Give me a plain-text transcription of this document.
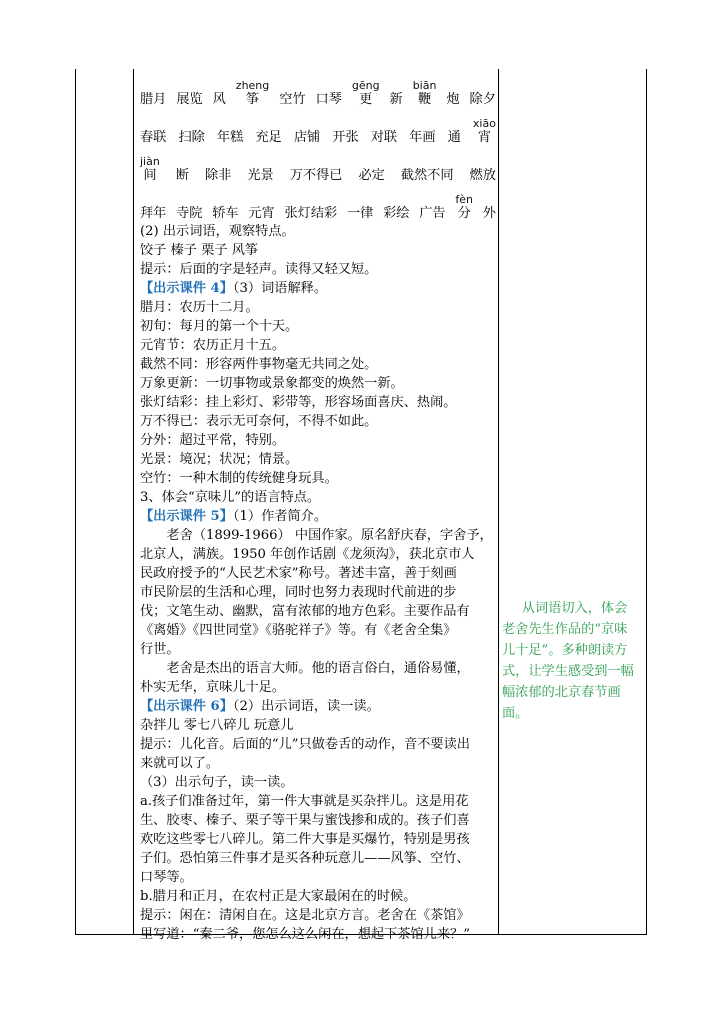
腊月 展览 风
zheng
筝 空竹 口琴
gēng
更 新
biān
鞭 炮 除夕
春联 扫除 年糕 充足 店铺 开张 对联 年画 通
xiāo
宵
jiàn
间 断 除非 光景 万不得已 必定 截然不同 燃放
拜年 寺院 轿车 元宵 张灯结彩 一律 彩绘 广告
fèn
分 外

(2) 出示词语，观察特点。

饺子 榛子 栗子 风筝

提示：后面的字是轻声。读得又轻又短。

【出示课件 4】（3）词语解释。

腊月：农历十二月。

初旬：每月的第一个十天。

元宵节：农历正月十五。

截然不同：形容两件事物毫无共同之处。

万象更新：一切事物或景象都变的焕然一新。

张灯结彩：挂上彩灯、彩带等，形容场面喜庆、热闹。

万不得已：表示无可奈何，不得不如此。

分外：超过平常，特别。

光景：境况；状况；情景。

空竹：一种木制的传统健身玩具。

3、体会“京味儿”的语言特点。

【出示课件 5】（1）作者简介。

老舍（1899-1966） 中国作家。原名舒庆春，字舍予，

北京人，满族。1950 年创作话剧《龙须沟》，获北京市人

民政府授予的“人民艺术家”称号。著述丰富，善于刻画

市民阶层的生活和心理，同时也努力表现时代前进的步

伐；文笔生动、幽默，富有浓郁的地方色彩。主要作品有

《离婚》《四世同堂》《骆驼祥子》等。有《老舍全集》

行世。

老舍是杰出的语言大师。他的语言俗白，通俗易懂，

朴实无华，京味儿十足。

【出示课件 6】（2）出示词语，读一读。

杂拌儿 零七八碎儿 玩意儿

提示：儿化音。后面的“儿”只做卷舌的动作，音不要读出

来就可以了。

（3）出示句子，读一读。

a.孩子们准备过年，第一件大事就是买杂拌儿。这是用花

生、胶枣、榛子、栗子等干果与蜜饯掺和成的。孩子们喜

欢吃这些零七八碎儿。第二件大事是买爆竹，特别是男孩

子们。恐怕第三件事才是买各种玩意儿——风筝、空竹、

口琴等。

b.腊月和正月，在农村正是大家最闲在的时候。

提示：闲在：清闲自在。这是北京方言。老舍在《茶馆》

里写道：“秦二爷，您怎么这么闲在，想起下茶馆儿来？”

从词语切入，体会
老舍先生作品的“京味
儿十足”。多种朗读方
式，让学生感受到一幅
幅浓郁的北京春节画
面。
